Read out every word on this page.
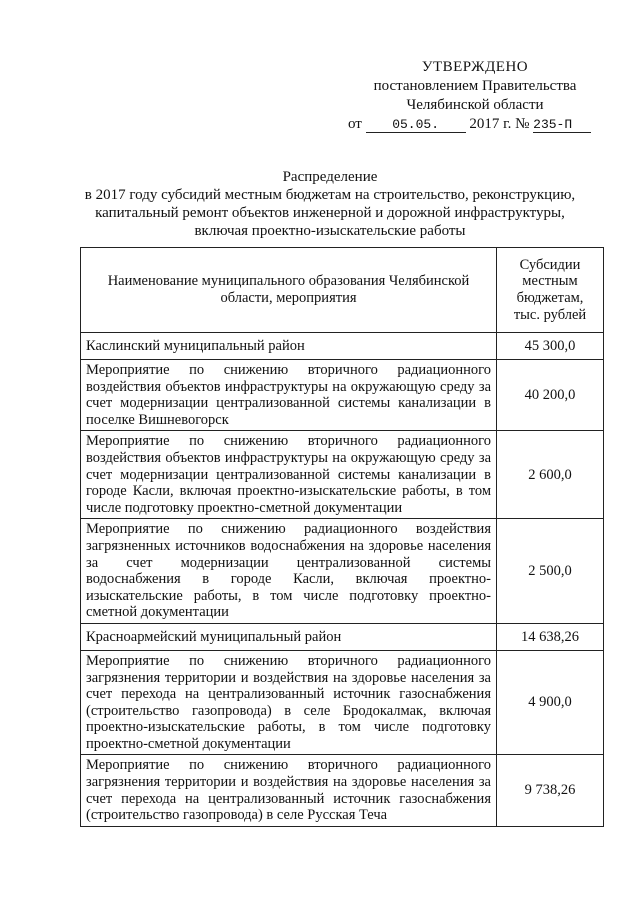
УТВЕРЖДЕНО
постановлением Правительства
Челябинской области
от 05.05. 2017 г. № 235-П
Распределение
в 2017 году субсидий местным бюджетам на строительство, реконструкцию,
капитальный ремонт объектов инженерной и дорожной инфраструктуры,
включая проектно-изыскательские работы
Наименование муниципального образования Челябинской области, мероприятия	Субсидии местным бюджетам, тыс. рублей
Каслинский муниципальный район	45 300,0
Мероприятие по снижению вторичного радиационного воздействия объектов инфраструктуры на окружающую среду за счет модернизации централизованной системы канализации в поселке Вишневогорск	40 200,0
Мероприятие по снижению вторичного радиационного воздействия объектов инфраструктуры на окружающую среду за счет модернизации централизованной системы канализации в городе Касли, включая проектно-изыскательские работы, в том числе подготовку проектно-сметной документации	2 600,0
Мероприятие по снижению радиационного воздействия загрязненных источников водоснабжения на здоровье населения за счет модернизации централизованной системы водоснабжения в городе Касли, включая проектно-изыскательские работы, в том числе подготовку проектно-сметной документации	2 500,0
Красноармейский муниципальный район	14 638,26
Мероприятие по снижению вторичного радиационного загрязнения территории и воздействия на здоровье населения за счет перехода на централизованный источник газоснабжения (строительство газопровода) в селе Бродокалмак, включая проектно-изыскательские работы, в том числе подготовку проектно-сметной документации	4 900,0
Мероприятие по снижению вторичного радиационного загрязнения территории и воздействия на здоровье населения за счет перехода на централизованный источник газоснабжения (строительство газопровода) в селе Русская Теча	9 738,26
